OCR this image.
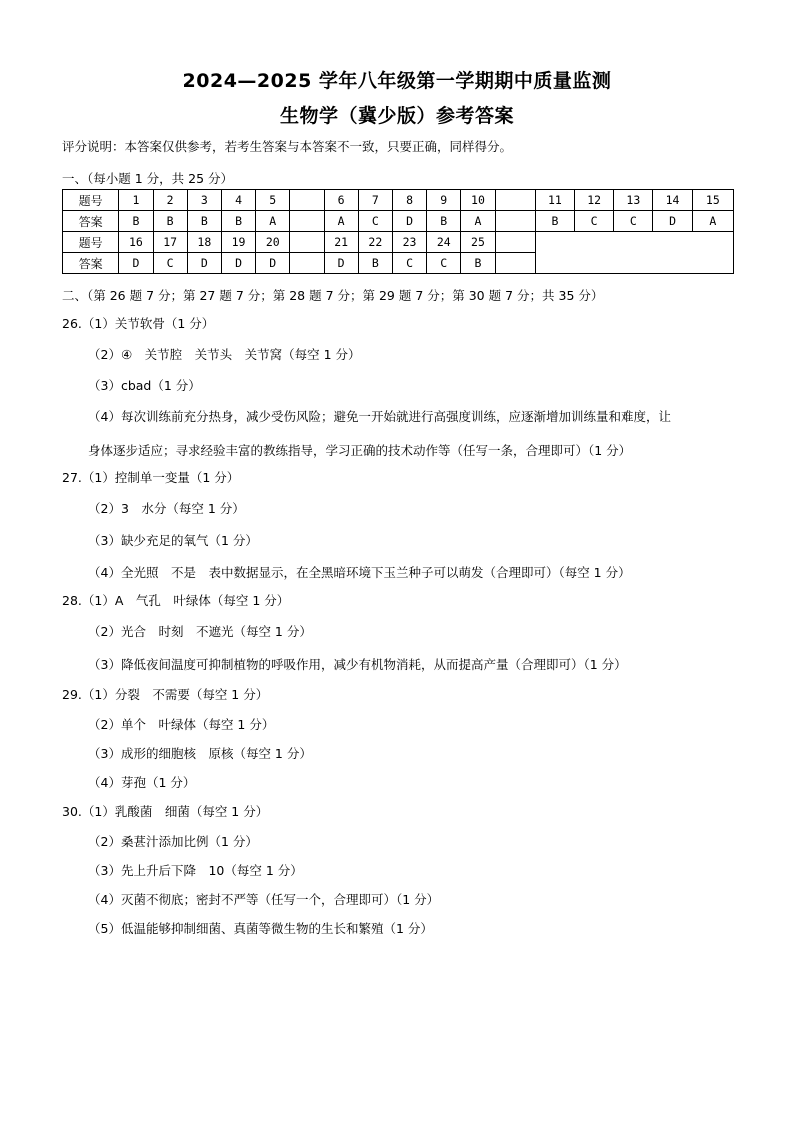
2024—2025 学年八年级第一学期期中质量监测
生物学（冀少版）参考答案
评分说明：本答案仅供参考，若考生答案与本答案不一致，只要正确，同样得分。
一、（每小题 1 分，共 25 分）
题号	1	2	3	4	5		6	7	8	9	10		11	12	13	14	15
答案	B	B	B	B	A		A	C	D	B	A		B	C	C	D	A
题号	16	17	18	19	20		21	22	23	24	25						
答案	D	C	D	D	D		D	B	C	C	B						
二、（第 26 题 7 分；第 27 题 7 分；第 28 题 7 分；第 29 题 7 分；第 30 题 7 分；共 35 分）
26.（1）关节软骨（1 分）
（2）④　关节腔　关节头　关节窝（每空 1 分）
（3）cbad（1 分）
（4）每次训练前充分热身，减少受伤风险；避免一开始就进行高强度训练，应逐渐增加训练量和难度，让
身体逐步适应；寻求经验丰富的教练指导，学习正确的技术动作等（任写一条，合理即可）（1 分）
27.（1）控制单一变量（1 分）
（2）3　水分（每空 1 分）
（3）缺少充足的氧气（1 分）
（4）全光照　不是　表中数据显示，在全黑暗环境下玉兰种子可以萌发（合理即可）（每空 1 分）
28.（1）A　气孔　叶绿体（每空 1 分）
（2）光合　时刻　不遮光（每空 1 分）
（3）降低夜间温度可抑制植物的呼吸作用，减少有机物消耗，从而提高产量（合理即可）（1 分）
29.（1）分裂　不需要（每空 1 分）
（2）单个　叶绿体（每空 1 分）
（3）成形的细胞核　原核（每空 1 分）
（4）芽孢（1 分）
30.（1）乳酸菌　细菌（每空 1 分）
（2）桑葚汁添加比例（1 分）
（3）先上升后下降　10（每空 1 分）
（4）灭菌不彻底；密封不严等（任写一个，合理即可）（1 分）
（5）低温能够抑制细菌、真菌等微生物的生长和繁殖（1 分）
